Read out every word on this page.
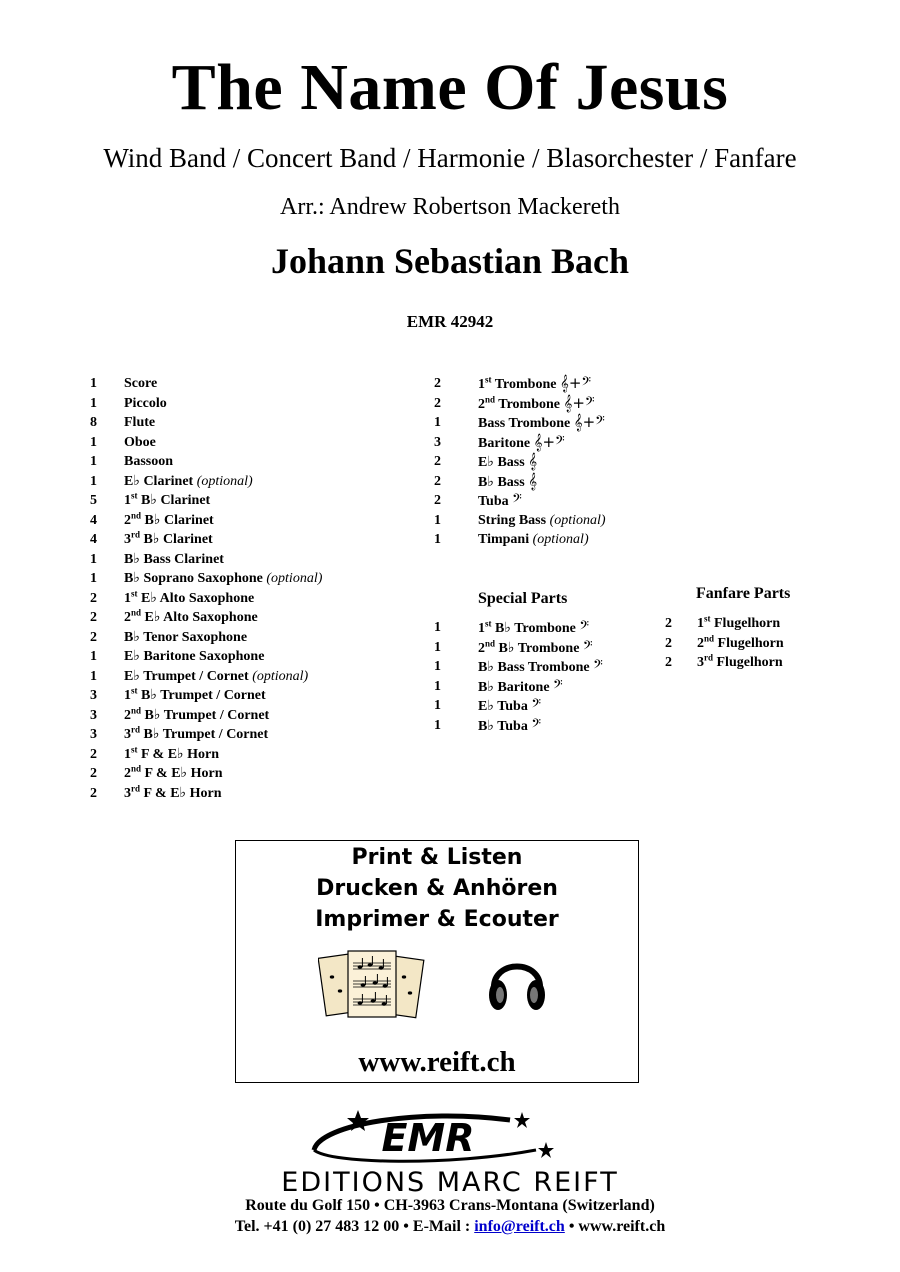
The Name Of Jesus
Wind Band / Concert Band / Harmonie / Blasorchester / Fanfare
Arr.: Andrew Robertson Mackereth
Johann Sebastian Bach
EMR 42942
1 Score
1 Piccolo
8 Flute
1 Oboe
1 Bassoon
1 E♭ Clarinet (optional)
5 1st B♭ Clarinet
4 2nd B♭ Clarinet
4 3rd B♭ Clarinet
1 B♭ Bass Clarinet
1 B♭ Soprano Saxophone (optional)
2 1st E♭ Alto Saxophone
2 2nd E♭ Alto Saxophone
2 B♭ Tenor Saxophone
1 E♭ Baritone Saxophone
1 E♭ Trumpet / Cornet (optional)
3 1st B♭ Trumpet / Cornet
3 2nd B♭ Trumpet / Cornet
3 3rd B♭ Trumpet / Cornet
2 1st F & E♭ Horn
2 2nd F & E♭ Horn
2 3rd F & E♭ Horn
2	1st Trombone 𝄞+𝄢
2	2nd Trombone 𝄞+𝄢
1	Bass Trombone 𝄞+𝄢
3	Baritone 𝄞+𝄢
2	E♭ Bass 𝄞
2	B♭ Bass 𝄞
2	Tuba 𝄢
1	String Bass (optional)
1	Timpani (optional)
Special Parts
1	1st B♭ Trombone 𝄢
1	2nd B♭ Trombone 𝄢
1	B♭ Bass Trombone 𝄢
1	B♭ Baritone 𝄢
1	E♭ Tuba 𝄢
1	B♭ Tuba 𝄢
Fanfare Parts
2 1st Flugelhorn
2 2nd Flugelhorn
2 3rd Flugelhorn
Print & Listen
Drucken & Anhören
Imprimer & Ecouter
www.reift.ch
EMR
EDITIONS MARC REIFT
Route du Golf 150 • CH-3963 Crans-Montana (Switzerland)
Tel. +41 (0) 27 483 12 00 • E-Mail : info@reift.ch • www.reift.ch
